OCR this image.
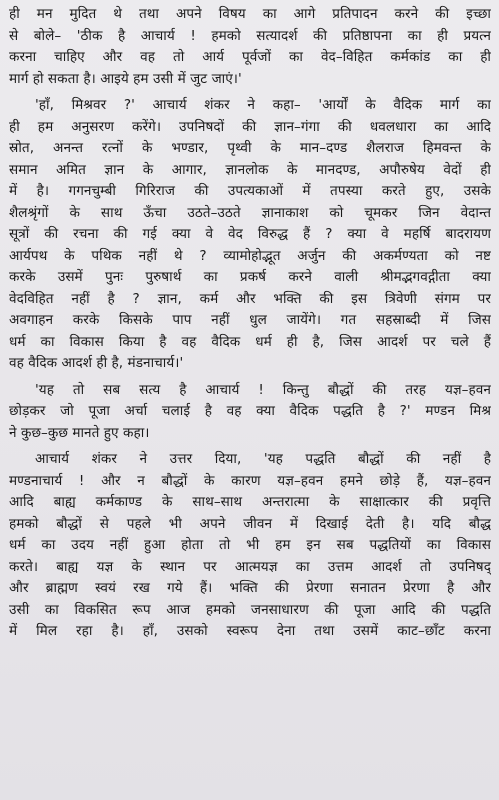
ही मन मुदित थे तथा अपने विषय का आगे प्रतिपादन करने की इच्छा
से बोले– 'ठीक है आचार्य ! हमको सत्यादर्श की प्रतिष्ठापना का ही प्रयत्न
करना चाहिए और वह तो आर्य पूर्वजों का वेद–विहित कर्मकांड का ही
मार्ग हो सकता है। आइये हम उसी में जुट जाएं।'
'हाँ, मिश्रवर ?' आचार्य शंकर ने कहा– 'आर्यों के वैदिक मार्ग का
ही हम अनुसरण करेंगे। उपनिषदों की ज्ञान–गंगा की धवलधारा का आदि
स्रोत, अनन्त रत्नों के भण्डार, पृथ्वी के मान–दण्ड शैलराज हिमवन्त के
समान अमित ज्ञान के आगार, ज्ञानलोक के मानदण्ड, अपौरुषेय वेदों ही
में है। गगनचुम्बी गिरिराज की उपत्यकाओं में तपस्या करते हुए, उसके
शैलश्रृंगों के साथ ऊँचा उठते–उठते ज्ञानाकाश को चूमकर जिन वेदान्त
सूत्रों की रचना की गई क्या वे वेद विरुद्ध हैं ? क्या वे महर्षि बादरायण
आर्यपथ के पथिक नहीं थे ? व्यामोहोद्भूत अर्जुन की अकर्मण्यता को नष्ट
करके उसमें पुनः पुरुषार्थ का प्रकर्ष करने वाली श्रीमद्भगवद्गीता क्या
वेदविहित नहीं है ? ज्ञान, कर्म और भक्ति की इस त्रिवेणी संगम पर
अवगाहन करके किसके पाप नहीं धुल जायेंगे। गत सहस्राब्दी में जिस
धर्म का विकास किया है वह वैदिक धर्म ही है, जिस आदर्श पर चले हैं
वह वैदिक आदर्श ही है, मंडनाचार्य।'
'यह तो सब सत्य है आचार्य ! किन्तु बौद्धों की तरह यज्ञ–हवन
छोड़कर जो पूजा अर्चा चलाई है वह क्या वैदिक पद्धति है ?' मण्डन मिश्र
ने कुछ–कुछ मानते हुए कहा।
आचार्य शंकर ने उत्तर दिया, 'यह पद्धति बौद्धों की नहीं है
मण्डनाचार्य ! और न बौद्धों के कारण यज्ञ–हवन हमने छोड़े हैं, यज्ञ–हवन
आदि बाह्य कर्मकाण्ड के साथ–साथ अन्तरात्मा के साक्षात्कार की प्रवृत्ति
हमको बौद्धों से पहले भी अपने जीवन में दिखाई देती है। यदि बौद्ध
धर्म का उदय नहीं हुआ होता तो भी हम इन सब पद्धतियों का विकास
करते। बाह्य यज्ञ के स्थान पर आत्मयज्ञ का उत्तम आदर्श तो उपनिषद्
और ब्राह्मण स्वयं रख गये हैं। भक्ति की प्रेरणा सनातन प्रेरणा है और
उसी का विकसित रूप आज हमको जनसाधारण की पूजा आदि की पद्धति
में मिल रहा है। हाँ, उसको स्वरूप देना तथा उसमें काट–छाँट करना
